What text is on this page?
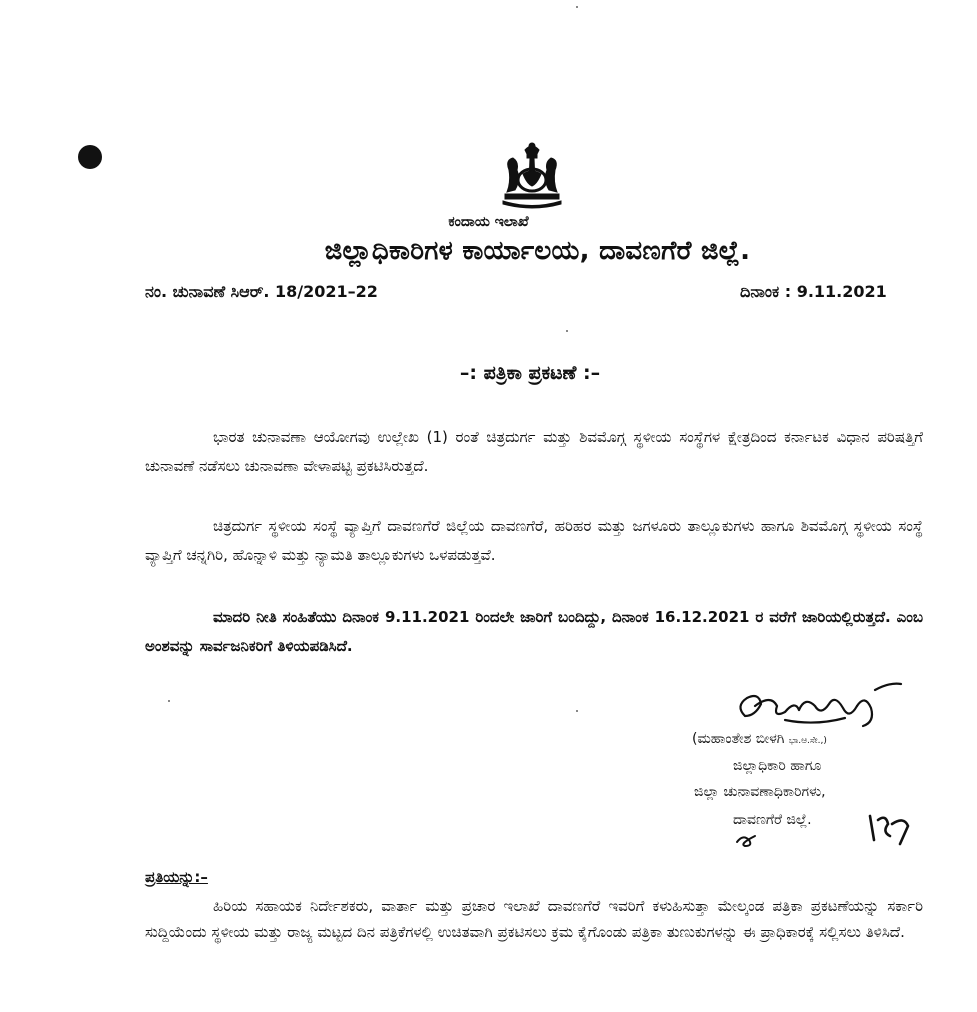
ಕಂದಾಯ ಇಲಾಖೆ
ಜಿಲ್ಲಾಧಿಕಾರಿಗಳ ಕಾರ್ಯಾಲಯ, ದಾವಣಗೆರೆ ಜಿಲ್ಲೆ.
ನಂ. ಚುನಾವಣೆ ಸಿಆರ್. 18/2021–22	ದಿನಾಂಕ : 9.11.2021
–: ಪತ್ರಿಕಾ ಪ್ರಕಟಣೆ :–
ಭಾರತ ಚುನಾವಣಾ ಆಯೋಗವು ಉಲ್ಲೇಖ (1) ರಂತೆ ಚಿತ್ರದುರ್ಗ ಮತ್ತು ಶಿವಮೊಗ್ಗ ಸ್ಥಳೀಯ ಸಂಸ್ಥೆಗಳ ಕ್ಷೇತ್ರದಿಂದ ಕರ್ನಾಟಕ ವಿಧಾನ ಪರಿಷತ್ತಿಗೆ ಚುನಾವಣೆ ನಡೆಸಲು ಚುನಾವಣಾ ವೇಳಾಪಟ್ಟಿ ಪ್ರಕಟಿಸಿರುತ್ತದೆ.
ಚಿತ್ರದುರ್ಗ ಸ್ಥಳೀಯ ಸಂಸ್ಥೆ ವ್ಯಾಪ್ತಿಗೆ ದಾವಣಗೆರೆ ಜಿಲ್ಲೆಯ ದಾವಣಗೆರೆ, ಹರಿಹರ ಮತ್ತು ಜಗಳೂರು ತಾಲ್ಲೂಕುಗಳು ಹಾಗೂ ಶಿವಮೊಗ್ಗ ಸ್ಥಳೀಯ ಸಂಸ್ಥೆ ವ್ಯಾಪ್ತಿಗೆ ಚನ್ನಗಿರಿ, ಹೊನ್ನಾಳಿ ಮತ್ತು ನ್ಯಾಮತಿ ತಾಲ್ಲೂಕುಗಳು ಒಳಪಡುತ್ತವೆ.
ಮಾದರಿ ನೀತಿ ಸಂಹಿತೆಯು ದಿನಾಂಕ 9.11.2021 ರಿಂದಲೇ ಜಾರಿಗೆ ಬಂದಿದ್ದು, ದಿನಾಂಕ 16.12.2021 ರ ವರೆಗೆ ಜಾರಿಯಲ್ಲಿರುತ್ತದೆ. ಎಂಬ ಅಂಶವನ್ನು ಸಾರ್ವಜನಿಕರಿಗೆ ತಿಳಿಯಪಡಿಸಿದೆ.
(ಮಹಾಂತೇಶ ಬೀಳಗಿ ಭಾ.ಆ.ಸೇ.,)
ಜಿಲ್ಲಾಧಿಕಾರಿ ಹಾಗೂ
ಜಿಲ್ಲಾ ಚುನಾವಣಾಧಿಕಾರಿಗಳು,
ದಾವಣಗೆರೆ ಜಿಲ್ಲೆ.
ಪ್ರತಿಯನ್ನು:–
ಹಿರಿಯ ಸಹಾಯಕ ನಿರ್ದೇಶಕರು, ವಾರ್ತಾ ಮತ್ತು ಪ್ರಚಾರ ಇಲಾಖೆ ದಾವಣಗೆರೆ ಇವರಿಗೆ ಕಳುಹಿಸುತ್ತಾ ಮೇಲ್ಕಂಡ ಪತ್ರಿಕಾ ಪ್ರಕಟಣೆಯನ್ನು ಸರ್ಕಾರಿ ಸುದ್ದಿಯೆಂದು ಸ್ಥಳೀಯ ಮತ್ತು ರಾಜ್ಯ ಮಟ್ಟದ ದಿನ ಪತ್ರಿಕೆಗಳಲ್ಲಿ ಉಚಿತವಾಗಿ ಪ್ರಕಟಿಸಲು ಕ್ರಮ ಕೈಗೊಂಡು ಪತ್ರಿಕಾ ತುಣುಕುಗಳನ್ನು ಈ ಪ್ರಾಧಿಕಾರಕ್ಕೆ ಸಲ್ಲಿಸಲು ತಿಳಿಸಿದೆ.
